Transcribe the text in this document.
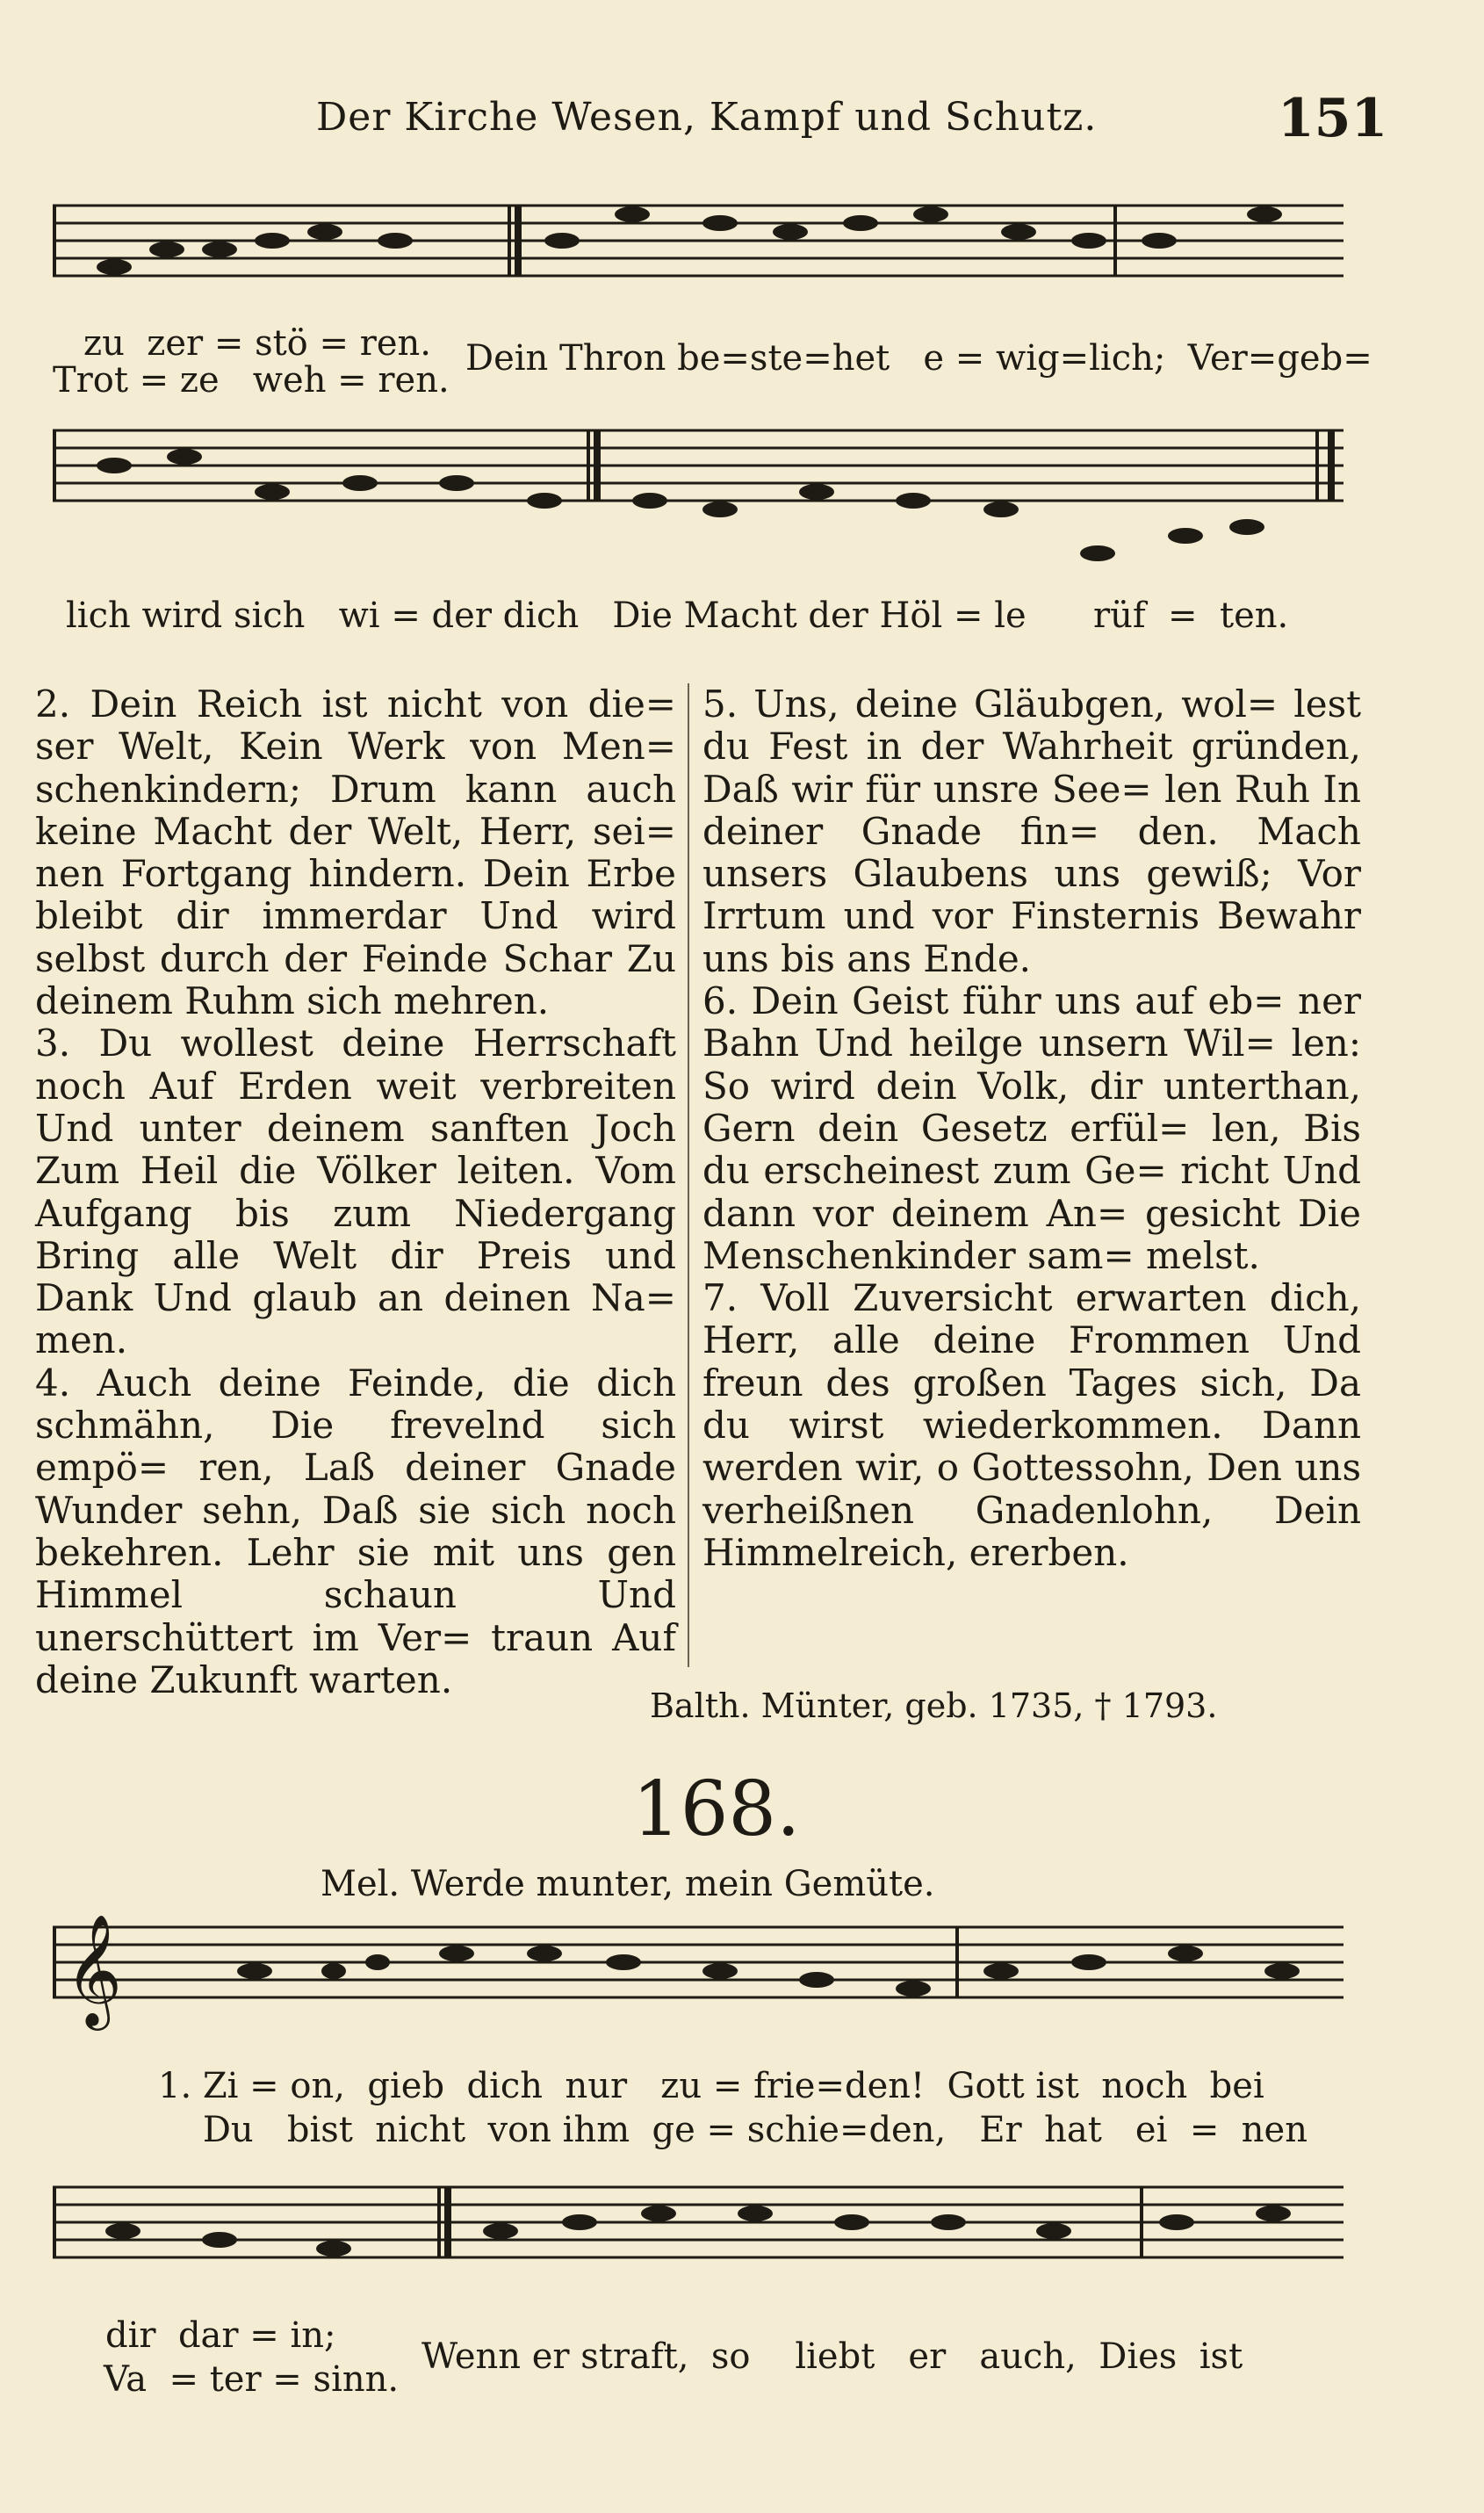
Der Kirche Wesen, Kampf und Schutz.	151
zu  zer = stö = ren.
Trot = ze   weh = ren.
Dein Thron be=ste=het   e = wig=lich;  Ver=geb=
lich wird sich   wi = der dich   Die Macht der Höl = le      rüf  =  ten.

2. Dein Reich ist nicht von die= ser Welt, Kein Werk von Men= schenkindern; Drum kann auch keine Macht der Welt, Herr, sei= nen Fortgang hindern. Dein Erbe bleibt dir immerdar Und wird selbst durch der Feinde Schar Zu deinem Ruhm sich mehren.

3. Du wollest deine Herrschaft noch Auf Erden weit verbreiten Und unter deinem sanften Joch Zum Heil die Völker leiten. Vom Aufgang bis zum Niedergang Bring alle Welt dir Preis und Dank Und glaub an deinen Na= men.

4. Auch deine Feinde, die dich schmähn, Die frevelnd sich empö= ren, Laß deiner Gnade Wunder sehn, Daß sie sich noch bekehren. Lehr sie mit uns gen Himmel schaun Und unerschüttert im Ver= traun Auf deine Zukunft warten.

5. Uns, deine Gläubgen, wol= lest du Fest in der Wahrheit gründen, Daß wir für unsre See= len Ruh In deiner Gnade fin= den. Mach unsers Glaubens uns gewiß; Vor Irrtum und vor Finsternis Bewahr uns bis ans Ende.

6. Dein Geist führ uns auf eb= ner Bahn Und heilge unsern Wil= len: So wird dein Volk, dir unterthan, Gern dein Gesetz erfül= len, Bis du erscheinest zum Ge= richt Und dann vor deinem An= gesicht Die Menschenkinder sam= melst.

7. Voll Zuversicht erwarten dich, Herr, alle deine Frommen Und freun des großen Tages sich, Da du wirst wiederkommen. Dann werden wir, o Gottessohn, Den uns verheißnen Gnadenlohn, Dein Himmelreich, ererben.

Balth. Münter, geb. 1735, † 1793.
168.
Mel. Werde munter, mein Gemüte.
𝄞
1. Zi = on,  gieb  dich  nur   zu = frie=den!  Gott ist  noch  bei
Du   bist  nicht  von ihm  ge = schie=den,   Er  hat   ei  =  nen
dir  dar = in;
Va  = ter = sinn.
Wenn er straft,  so    liebt   er   auch,  Dies  ist
